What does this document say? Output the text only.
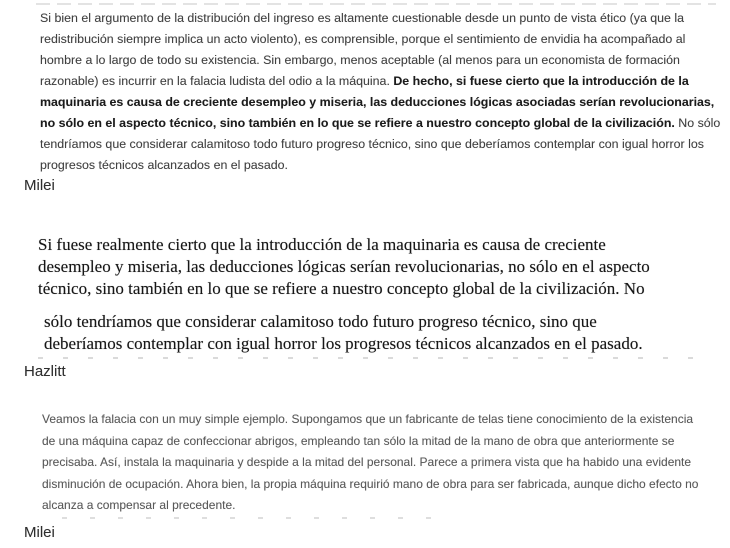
Si bien el argumento de la distribución del ingreso es altamente cuestionable desde un punto de vista ético (ya que la
redistribución siempre implica un acto violento), es comprensible, porque el sentimiento de envidia ha acompañado al
hombre a lo largo de todo su existencia. Sin embargo, menos aceptable (al menos para un economista de formación
razonable) es incurrir en la falacia ludista del odio a la máquina. De hecho, si fuese cierto que la introducción de la
maquinaria es causa de creciente desempleo y miseria, las deducciones lógicas asociadas serían revolucionarias,
no sólo en el aspecto técnico, sino también en lo que se refiere a nuestro concepto global de la civilización. No sólo
tendríamos que considerar calamitoso todo futuro progreso técnico, sino que deberíamos contemplar con igual horror los
progresos técnicos alcanzados en el pasado.
Milei
Si fuese realmente cierto que la introducción de la maquinaria es causa de creciente
desempleo y miseria, las deducciones lógicas serían revolucionarias, no sólo en el aspecto
técnico, sino también en lo que se refiere a nuestro concepto global de la civilización. No
sólo tendríamos que considerar calamitoso todo futuro progreso técnico, sino que
deberíamos contemplar con igual horror los progresos técnicos alcanzados en el pasado.
Hazlitt
Veamos la falacia con un muy simple ejemplo. Supongamos que un fabricante de telas tiene conocimiento de la existencia
de una máquina capaz de confeccionar abrigos, empleando tan sólo la mitad de la mano de obra que anteriormente se
precisaba. Así, instala la maquinaria y despide a la mitad del personal. Parece a primera vista que ha habido una evidente
disminución de ocupación. Ahora bien, la propia máquina requirió mano de obra para ser fabricada, aunque dicho efecto no
alcanza a compensar al precedente.
Milei
